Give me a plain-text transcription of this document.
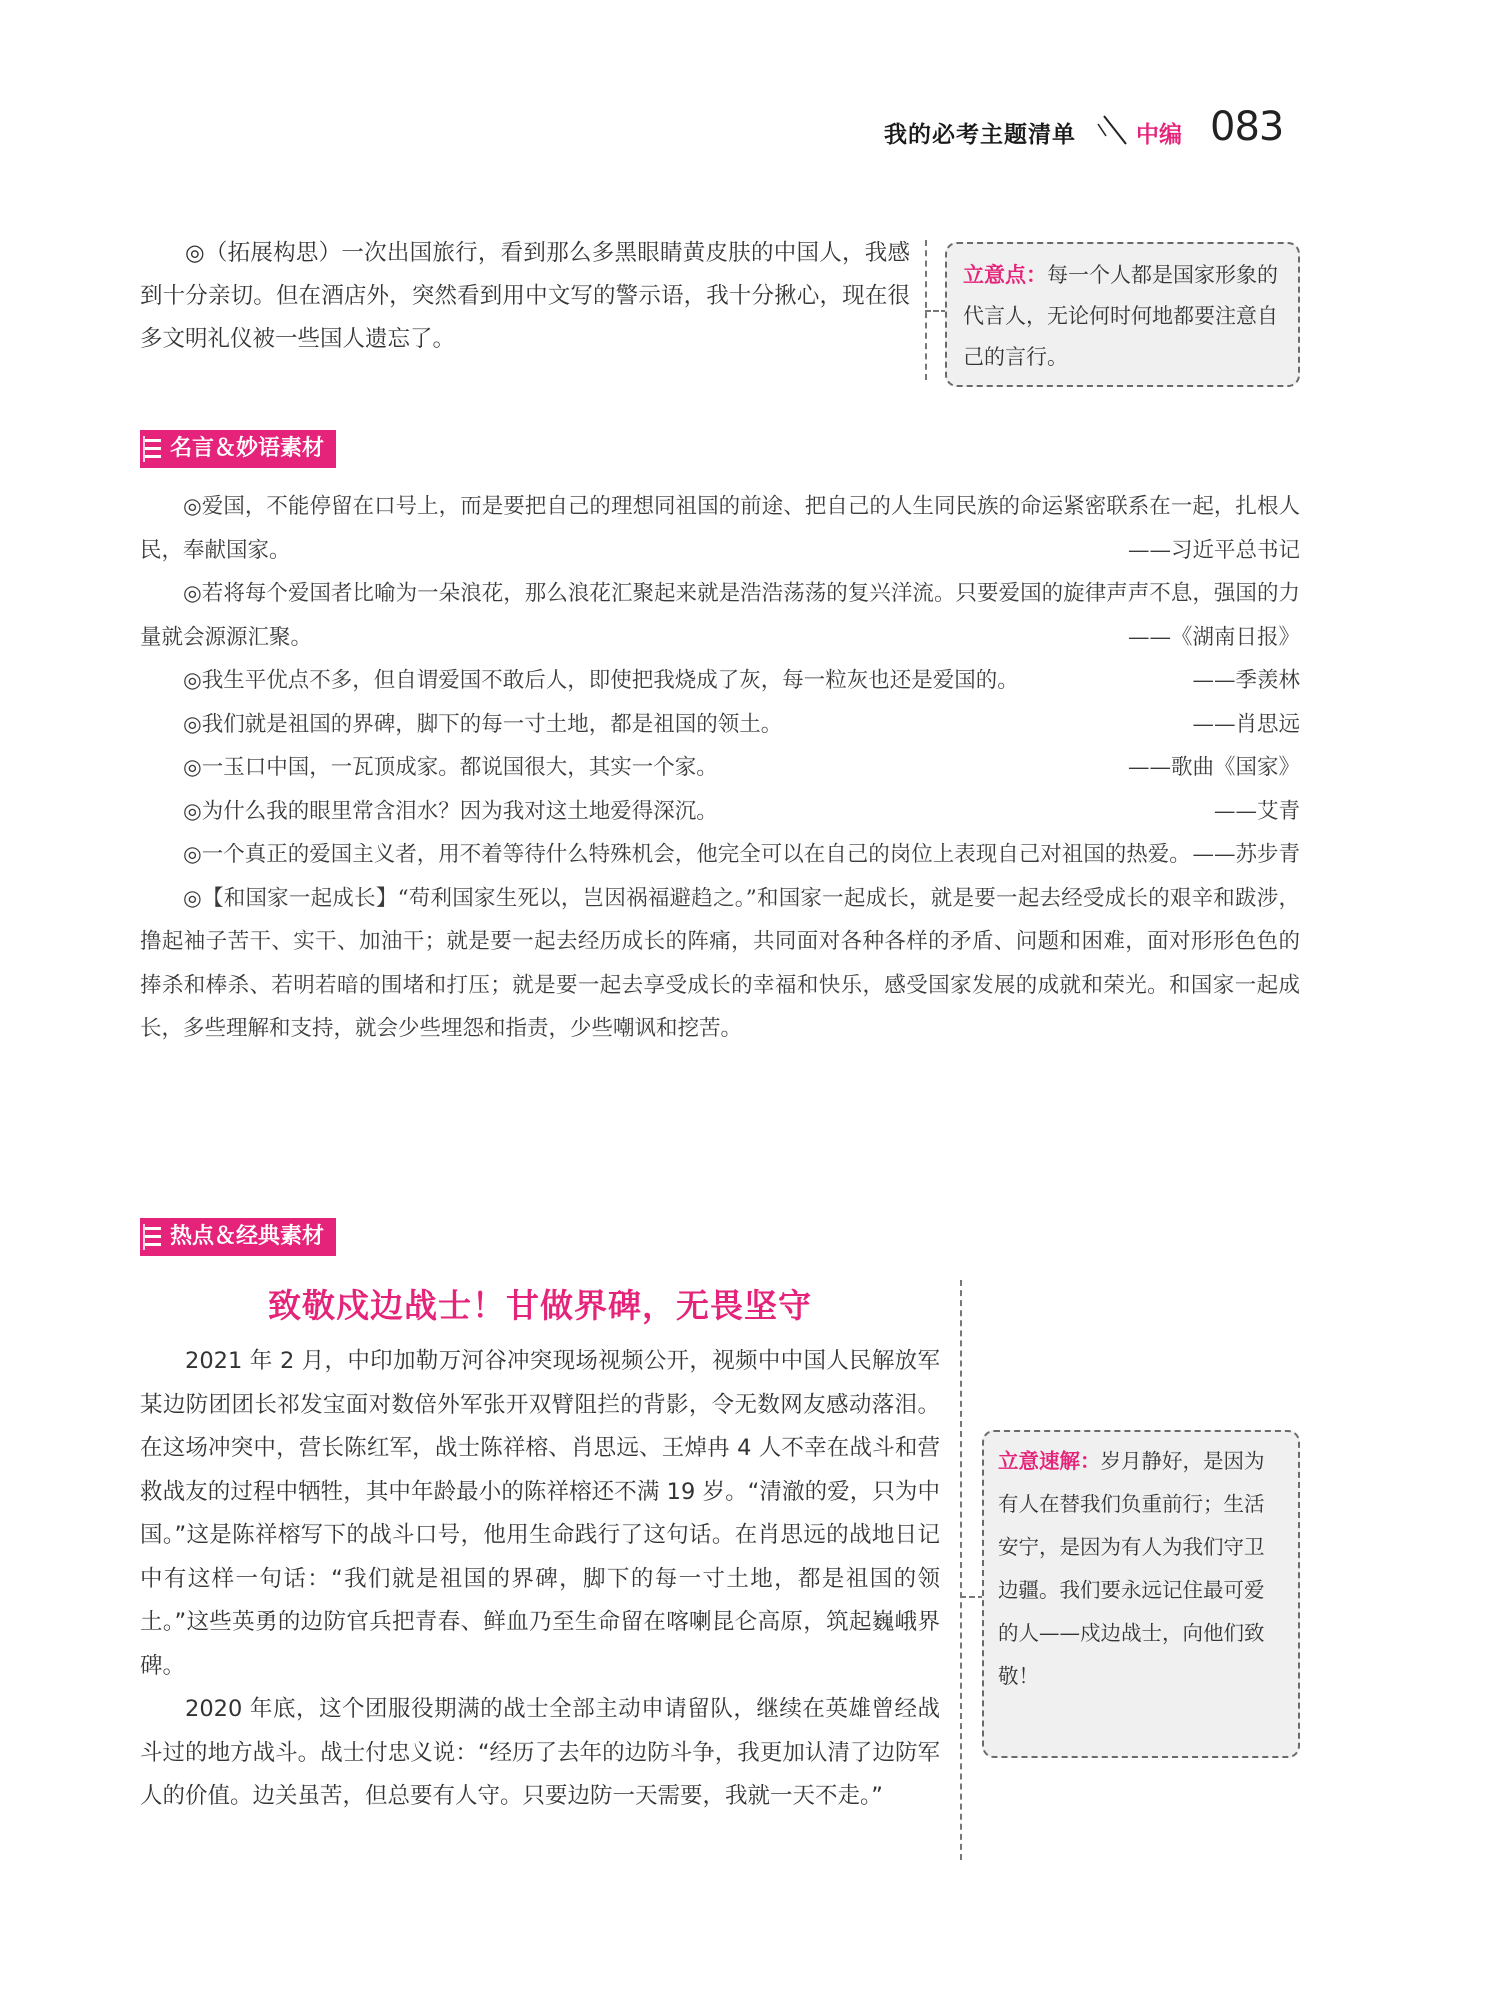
我的必考主题清单	中编 083

◎（拓展构思）一次出国旅行，看到那么多黑眼睛黄皮肤的中国人，我感到十分亲切。但在酒店外，突然看到用中文写的警示语，我十分揪心，现在很多文明礼仪被一些国人遗忘了。

立意点：每一个人都是国家形象的代言人，无论何时何地都要注意自己的言行。
名言＆妙语素材
◎爱国，不能停留在口号上，而是要把自己的理想同祖国的前途、把自己的人生同民族的命运紧密联系在一起，扎根人民，奉献国家。	——习近平总书记
◎若将每个爱国者比喻为一朵浪花，那么浪花汇聚起来就是浩浩荡荡的复兴洋流。只要爱国的旋律声声不息，强国的力量就会源源汇聚。	——《湖南日报》
◎我生平优点不多，但自谓爱国不敢后人，即使把我烧成了灰，每一粒灰也还是爱国的。	——季羡林
◎我们就是祖国的界碑，脚下的每一寸土地，都是祖国的领土。	——肖思远
◎一玉口中国，一瓦顶成家。都说国很大，其实一个家。	——歌曲《国家》
◎为什么我的眼里常含泪水？因为我对这土地爱得深沉。	——艾青
◎一个真正的爱国主义者，用不着等待什么特殊机会，他完全可以在自己的岗位上表现自己对祖国的热爱。 ——苏步青
◎【和国家一起成长】“苟利国家生死以，岂因祸福避趋之。”和国家一起成长，就是要一起去经受成长的艰辛和跋涉，撸起袖子苦干、实干、加油干；就是要一起去经历成长的阵痛，共同面对各种各样的矛盾、问题和困难，面对形形色色的捧杀和棒杀、若明若暗的围堵和打压；就是要一起去享受成长的幸福和快乐，感受国家发展的成就和荣光。和国家一起成长，多些理解和支持，就会少些埋怨和指责，少些嘲讽和挖苦。
热点＆经典素材
致敬戍边战士！甘做界碑，无畏坚守

2021 年 2 月，中印加勒万河谷冲突现场视频公开，视频中中国人民解放军某边防团团长祁发宝面对数倍外军张开双臂阻拦的背影，令无数网友感动落泪。在这场冲突中，营长陈红军，战士陈祥榕、肖思远、王焯冉 4 人不幸在战斗和营救战友的过程中牺牲，其中年龄最小的陈祥榕还不满 19 岁。“清澈的爱，只为中国。”这是陈祥榕写下的战斗口号，他用生命践行了这句话。在肖思远的战地日记中有这样一句话：“我们就是祖国的界碑，脚下的每一寸土地，都是祖国的领土。”这些英勇的边防官兵把青春、鲜血乃至生命留在喀喇昆仑高原，筑起巍峨界碑。

2020 年底，这个团服役期满的战士全部主动申请留队，继续在英雄曾经战斗过的地方战斗。战士付忠义说：“经历了去年的边防斗争，我更加认清了边防军人的价值。边关虽苦，但总要有人守。只要边防一天需要，我就一天不走。”

立意速解：岁月静好，是因为有人在替我们负重前行；生活安宁，是因为有人为我们守卫边疆。我们要永远记住最可爱的人——戍边战士，向他们致敬！
